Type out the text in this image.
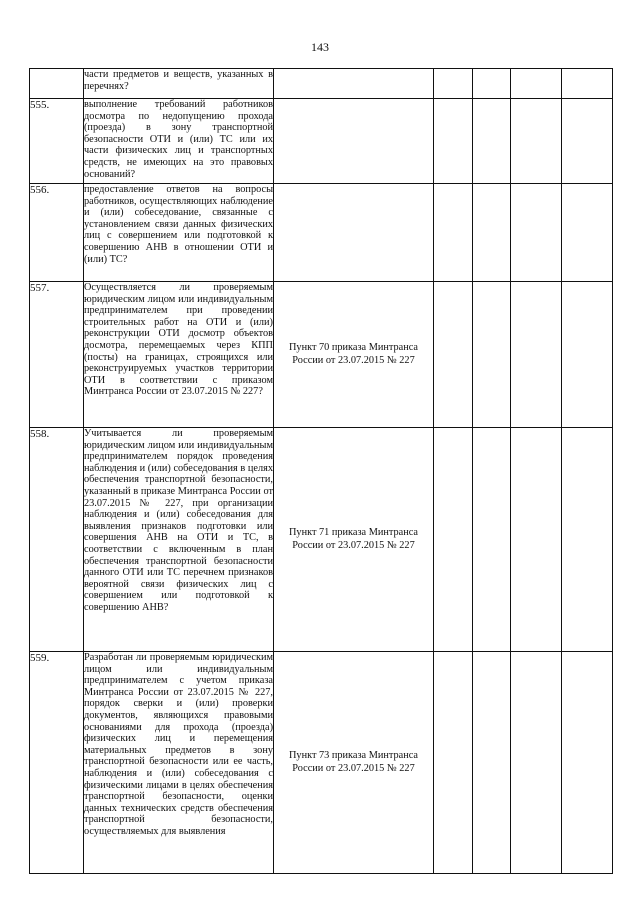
143
	части предметов и веществ, указанных в перечнях?	

555.	выполнение требований работников досмотра по недопущению прохода (проезда) в зону транспортной безопасности ОТИ и (или) ТС или их части физических лиц и транспортных средств, не имеющих на это правовых оснований?	

556.	предоставление ответов на вопросы работников, осуществляющих наблюдение и (или) собеседование, связанные с установлением связи данных физических лиц с совершением или подготовкой к совершению АНВ в отношении ОТИ и (или) ТС?	

557.	Осуществляется ли проверяемым юридическим лицом или индивидуальным предпринимателем при проведении строительных работ на ОТИ и (или) реконструкции ОТИ досмотр объектов досмотра, перемещаемых через КПП (посты) на границах, строящихся или реконструируемых участков территории ОТИ в соответствии с приказом Минтранса России от 23.07.2015 № 227?	Пункт 70 приказа Минтранса России от 23.07.2015 № 227				

558.	Учитывается ли проверяемым юридическим лицом или индивидуальным предпринимателем порядок проведения наблюдения и (или) собеседования в целях обеспечения транспортной безопасности, указанный в приказе Минтранса России от 23.07.2015 № 227, при организации наблюдения и (или) собеседования для выявления признаков подготовки или совершения АНВ на ОТИ и ТС, в соответствии с включенным в план обеспечения транспортной безопасности данного ОТИ или ТС перечнем признаков вероятной связи физических лиц с совершением или подготовкой к совершению АНВ?	Пункт 71 приказа Минтранса России от 23.07.2015 № 227				

559.	Разработан ли проверяемым юридическим лицом или индивидуальным предпринимателем с учетом приказа Минтранса России от 23.07.2015 № 227, порядок сверки и (или) проверки документов, являющихся правовыми основаниями для прохода (проезда) физических лиц и перемещения материальных предметов в зону транспортной безопасности или ее часть, наблюдения и (или) собеседования с физическими лицами в целях обеспечения транспортной безопасности, оценки данных технических средств обеспечения транспортной безопасности, осуществляемых для выявления	Пункт 73 приказа Минтранса России от 23.07.2015 № 227				
